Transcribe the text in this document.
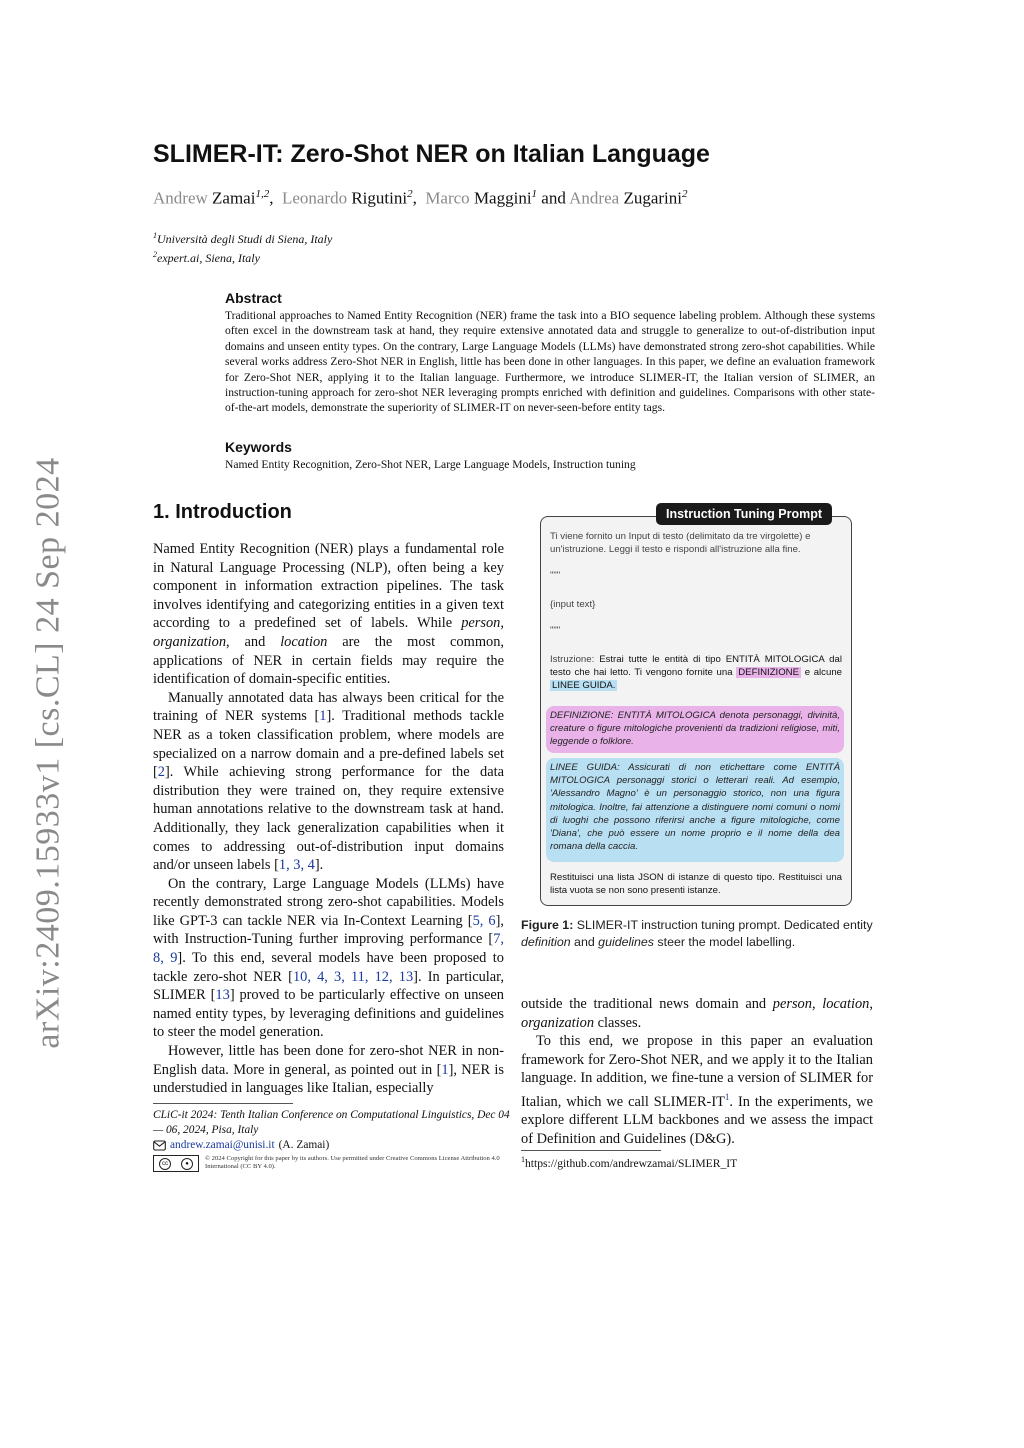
arXiv:2409.15933v1 [cs.CL] 24 Sep 2024
SLIMER-IT: Zero-Shot NER on Italian Language
Andrew Zamai$^{1,2}$, Leonardo Rigutini$^2$, Marco Maggini$^1$ and Andrea Zugarini$^2$
$^1$Università degli Studi di Siena, Italy
$^2$expert.ai, Siena, Italy
Abstract

Traditional approaches to Named Entity Recognition (NER) frame the task into a BIO sequence labeling problem. Although these systems often excel in the downstream task at hand, they require extensive annotated data and struggle to generalize to out-of-distribution input domains and unseen entity types. On the contrary, Large Language Models (LLMs) have demonstrated strong zero-shot capabilities. While several works address Zero-Shot NER in English, little has been done in other languages. In this paper, we define an evaluation framework for Zero-Shot NER, applying it to the Italian language. Furthermore, we introduce SLIMER-IT, the Italian version of SLIMER, an instruction-tuning approach for zero-shot NER leveraging prompts enriched with definition and guidelines. Comparisons with other state-of-the-art models, demonstrate the superiority of SLIMER-IT on never-seen-before entity tags.

Keywords

Named Entity Recognition, Zero-Shot NER, Large Language Models, Instruction tuning

1. Introduction

Named Entity Recognition (NER) plays a fundamental role in Natural Language Processing (NLP), often being a key component in information extraction pipelines. The task involves identifying and categorizing entities in a given text according to a predefined set of labels. While person, organization, and location are the most common, applications of NER in certain fields may require the identification of domain-specific entities.

Manually annotated data has always been critical for the training of NER systems [1]. Traditional methods tackle NER as a token classification problem, where models are specialized on a narrow domain and a pre-defined labels set [2]. While achieving strong performance for the data distribution they were trained on, they require extensive human annotations relative to the downstream task at hand. Additionally, they lack generalization capabilities when it comes to addressing out-of-distribution input domains and/or unseen labels [1, 3, 4].

On the contrary, Large Language Models (LLMs) have recently demonstrated strong zero-shot capabilities. Models like GPT-3 can tackle NER via In-Context Learning [5, 6], with Instruction-Tuning further improving performance [7, 8, 9]. To this end, several models have been proposed to tackle zero-shot NER [10, 4, 3, 11, 12, 13]. In particular, SLIMER [13] proved to be particularly effective on unseen named entity types, by leveraging definitions and guidelines to steer the model generation.

However, little has been done for zero-shot NER in non-English data. More in general, as pointed out in [1], NER is understudied in languages like Italian, especially

CLiC-it 2024: Tenth Italian Conference on Computational Linguistics, Dec 04 — 06, 2024, Pisa, Italy
andrew.zamai@unisi.it (A. Zamai)
cc	●
© 2024 Copyright for this paper by its authors. Use permitted under Creative Commons License Attribution 4.0 International (CC BY 4.0).
Instruction Tuning Prompt
Ti viene fornito un Input di testo (delimitato da tre virgolette) e un'istruzione. Leggi il testo e rispondi all'istruzione alla fine.
"""
{input text}
"""
Istruzione: Estrai tutte le entità di tipo ENTITÀ MITOLOGICA dal testo che hai letto. Ti vengono fornite una DEFINIZIONE e alcune LINEE GUIDA.
DEFINIZIONE: ENTITÀ MITOLOGICA denota personaggi, divinità, creature o figure mitologiche provenienti da tradizioni religiose, miti, leggende o folklore.
LINEE GUIDA: Assicurati di non etichettare come ENTITÀ MITOLOGICA personaggi storici o letterari reali. Ad esempio, 'Alessandro Magno' è un personaggio storico, non una figura mitologica. Inoltre, fai attenzione a distinguere nomi comuni o nomi di luoghi che possono riferirsi anche a figure mitologiche, come 'Diana', che può essere un nome proprio e il nome della dea romana della caccia.
Restituisci una lista JSON di istanze di questo tipo. Restituisci una lista vuota se non sono presenti istanze.
Figure 1: SLIMER-IT instruction tuning prompt. Dedicated entity definition and guidelines steer the model labelling.

outside the traditional news domain and person, location, organization classes.

To this end, we propose in this paper an evaluation framework for Zero-Shot NER, and we apply it to the Italian language. In addition, we fine-tune a version of SLIMER for Italian, which we call SLIMER-IT$^1$. In the experiments, we explore different LLM backbones and we assess the impact of Definition and Guidelines (D&G).

$^1$https://github.com/andrewzamai/SLIMER_IT
